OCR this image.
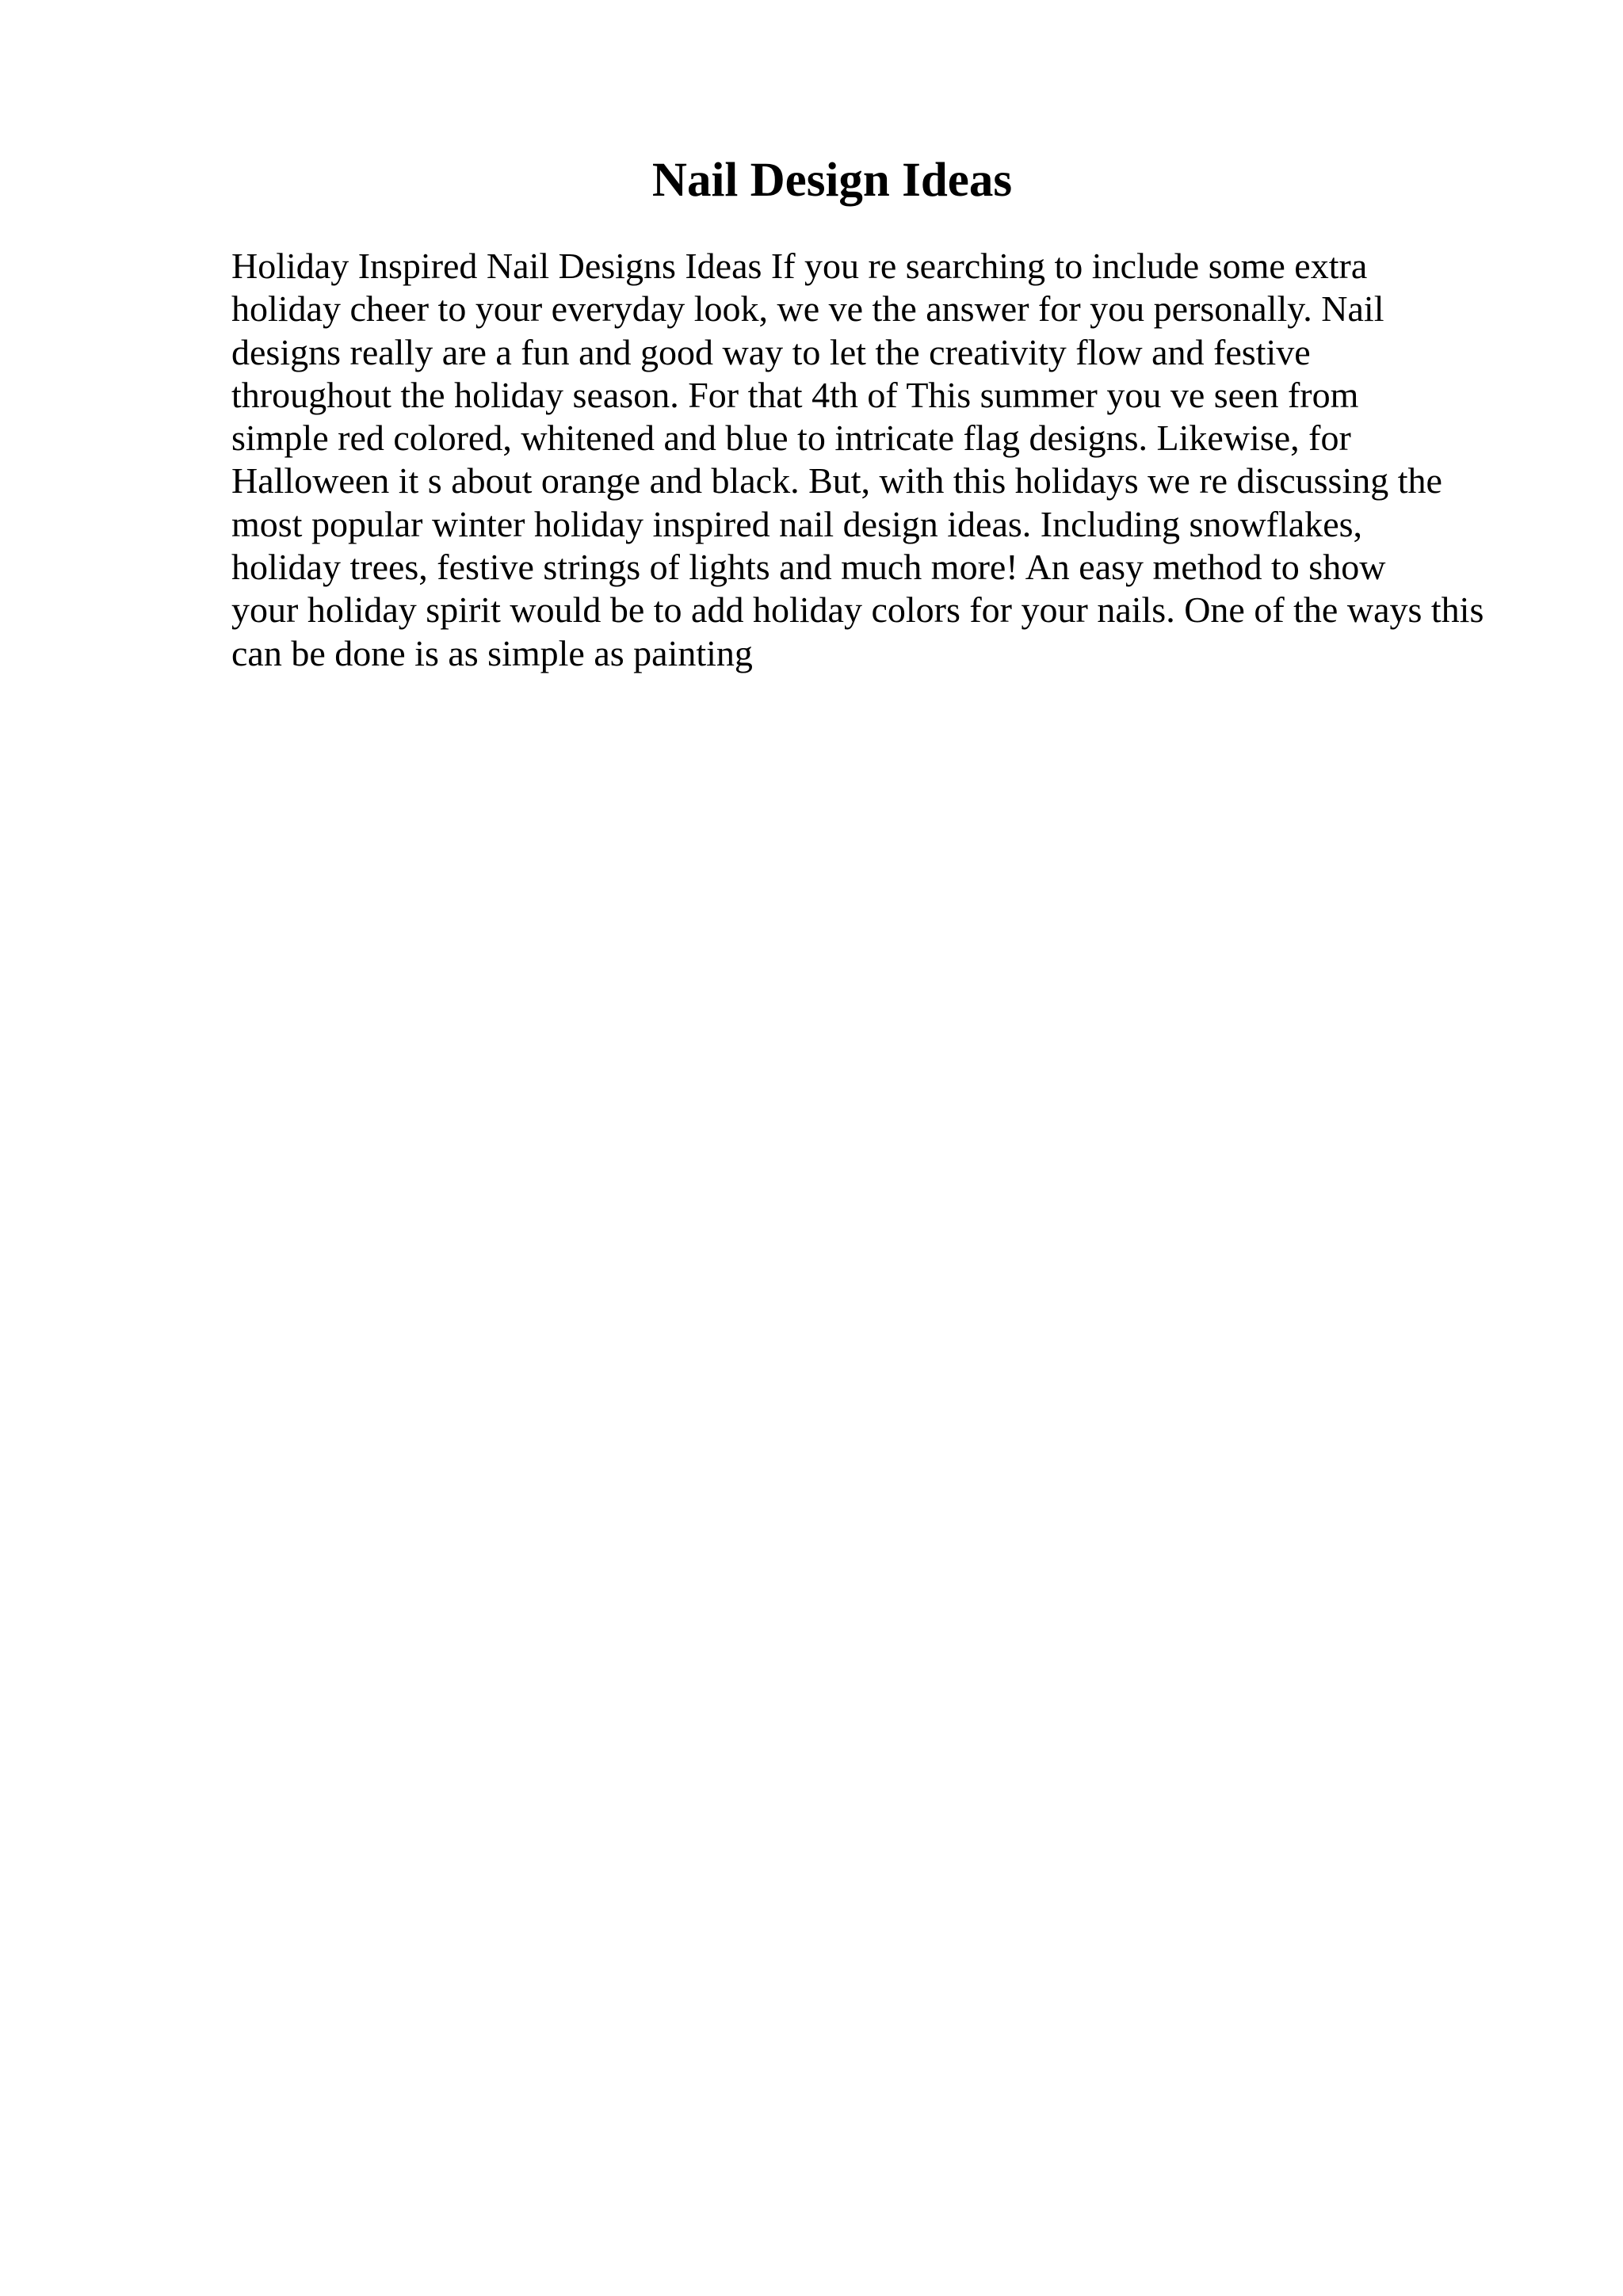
Nail Design Ideas
Holiday Inspired Nail Designs Ideas If you re searching to include some extra
holiday cheer to your everyday look, we ve the answer for you personally. Nail
designs really are a fun and good way to let the creativity flow and festive
throughout the holiday season. For that 4th of This summer you ve seen from
simple red colored, whitened and blue to intricate flag designs. Likewise, for
Halloween it s about orange and black. But, with this holidays we re discussing the
most popular winter holiday inspired nail design ideas. Including snowflakes,
holiday trees, festive strings of lights and much more! An easy method to show
your holiday spirit would be to add holiday colors for your nails. One of the ways this
can be done is as simple as painting
